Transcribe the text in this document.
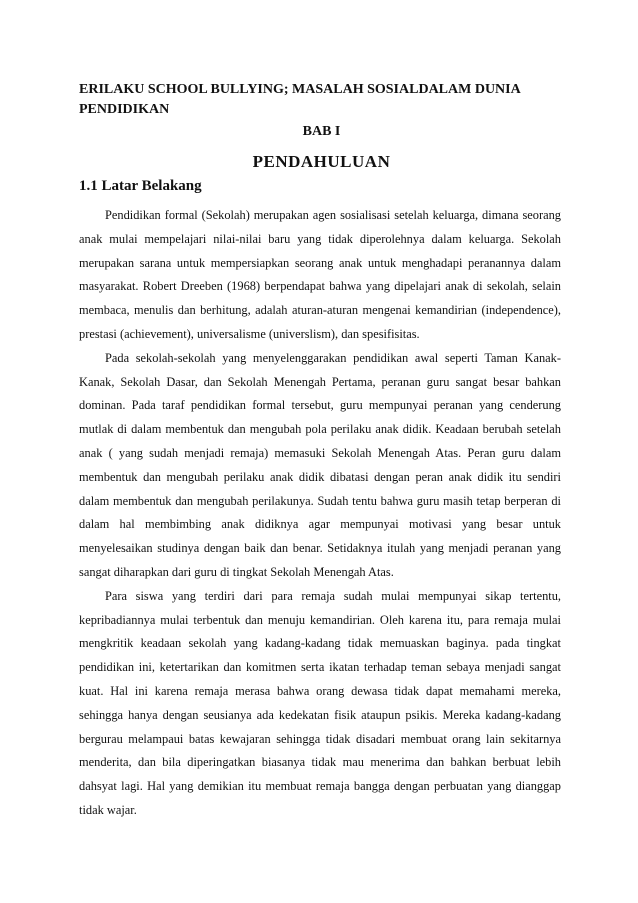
ERILAKU SCHOOL BULLYING; MASALAH SOSIALDALAM DUNIA PENDIDIKAN
BAB I
PENDAHULUAN
1.1 Latar Belakang

Pendidikan formal (Sekolah) merupakan agen sosialisasi setelah keluarga, dimana seorang anak mulai mempelajari nilai-nilai baru yang tidak diperolehnya dalam keluarga. Sekolah merupakan sarana untuk mempersiapkan seorang anak untuk menghadapi peranannya dalam masyarakat. Robert Dreeben (1968) berpendapat bahwa yang dipelajari anak di sekolah, selain membaca, menulis dan berhitung, adalah aturan-aturan mengenai kemandirian (independence), prestasi (achievement), universalisme (universlism), dan spesifisitas.

Pada sekolah-sekolah yang menyelenggarakan pendidikan awal seperti Taman Kanak-Kanak, Sekolah Dasar, dan Sekolah Menengah Pertama, peranan guru sangat besar bahkan dominan. Pada taraf pendidikan formal tersebut, guru mempunyai peranan yang cenderung mutlak di dalam membentuk dan mengubah pola perilaku anak didik. Keadaan berubah setelah anak ( yang sudah menjadi remaja) memasuki Sekolah Menengah Atas. Peran guru dalam membentuk dan mengubah perilaku anak didik dibatasi dengan peran anak didik itu sendiri dalam membentuk dan mengubah perilakunya. Sudah tentu bahwa guru masih tetap berperan di dalam hal membimbing anak didiknya agar mempunyai motivasi yang besar untuk menyelesaikan studinya dengan baik dan benar. Setidaknya itulah yang menjadi peranan yang sangat diharapkan dari guru di tingkat Sekolah Menengah Atas.

Para siswa yang terdiri dari para remaja sudah mulai mempunyai sikap tertentu, kepribadiannya mulai terbentuk dan menuju kemandirian. Oleh karena itu, para remaja mulai mengkritik keadaan sekolah yang kadang-kadang tidak memuaskan baginya. pada tingkat pendidikan ini, ketertarikan dan komitmen serta ikatan terhadap teman sebaya menjadi sangat kuat. Hal ini karena remaja merasa bahwa orang dewasa tidak dapat memahami mereka, sehingga hanya dengan seusianya ada kedekatan fisik ataupun psikis. Mereka kadang-kadang bergurau melampaui batas kewajaran sehingga tidak disadari membuat orang lain sekitarnya menderita, dan bila diperingatkan biasanya tidak mau menerima dan bahkan berbuat lebih dahsyat lagi. Hal yang demikian itu membuat remaja bangga dengan perbuatan yang dianggap tidak wajar.
